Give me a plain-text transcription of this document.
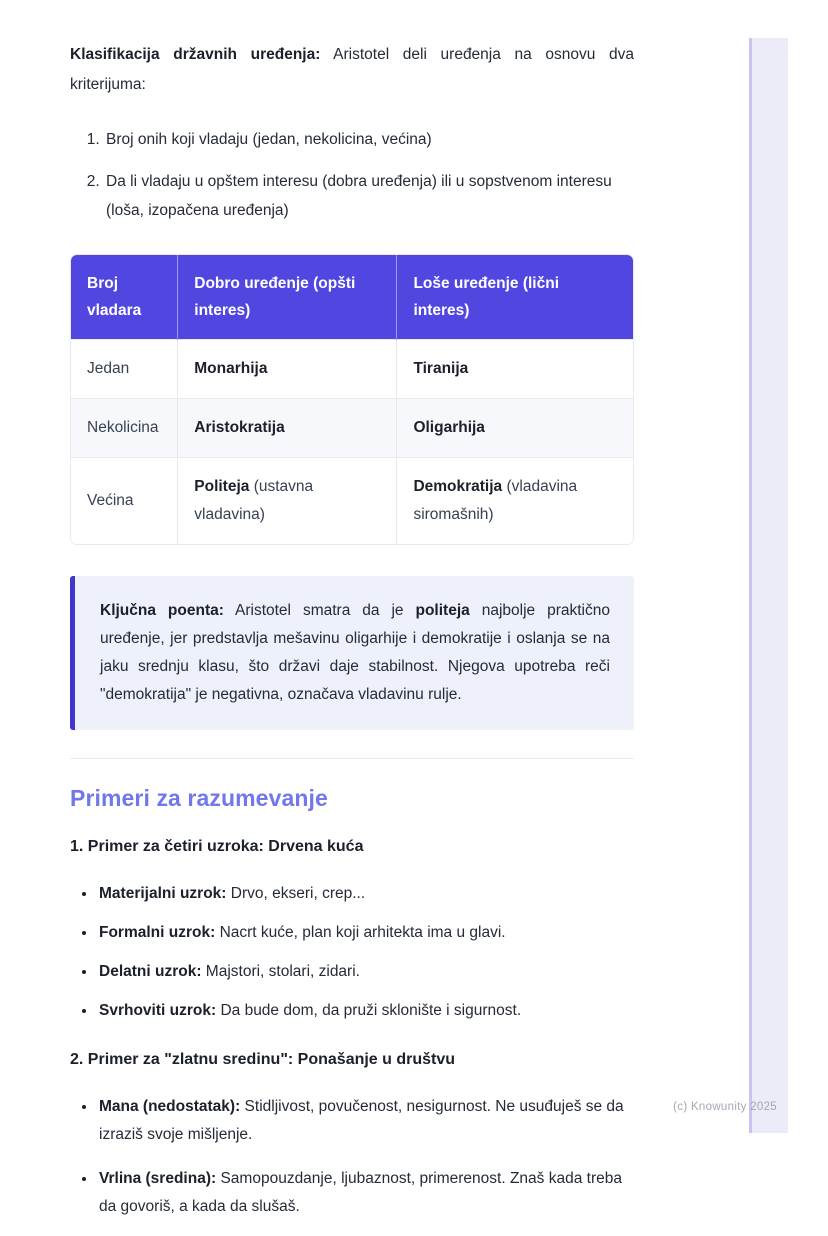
Klasifikacija državnih uređenja: Aristotel deli uređenja na osnovu dva kriterijuma:

1. Broj onih koji vladaju (jedan, nekolicina, većina)
2. Da li vladaju u opštem interesu (dobra uređenja) ili u sopstvenom interesu (loša, izopačena uređenja)
Broj vladara	Dobro uređenje (opšti interes)	Loše uređenje (lični interes)
Jedan	Monarhija	Tiranija
Nekolicina	Aristokratija	Oligarhija
Većina	Politeja (ustavna vladavina)	Demokratija (vladavina siromašnih)
Ključna poenta: Aristotel smatra da je politeja najbolje praktično uređenje, jer predstavlja mešavinu oligarhije i demokratije i oslanja se na jaku srednju klasu, što državi daje stabilnost. Njegova upotreba reči "demokratija" je negativna, označava vladavinu rulje.
Primeri za razumevanje
1. Primer za četiri uzroka: Drvena kuća
• Materijalni uzrok: Drvo, ekseri, crep...
• Formalni uzrok: Nacrt kuće, plan koji arhitekta ima u glavi.
• Delatni uzrok: Majstori, stolari, zidari.
• Svrhoviti uzrok: Da bude dom, da pruži sklonište i sigurnost.
2. Primer za "zlatnu sredinu": Ponašanje u društvu
• Mana (nedostatak): Stidljivost, povučenost, nesigurnost. Ne usuđuješ se da izraziš svoje mišljenje.
• Vrlina (sredina): Samopouzdanje, ljubaznost, primerenost. Znaš kada treba da govoriš, a kada da slušaš.
(c) Knowunity 2025
